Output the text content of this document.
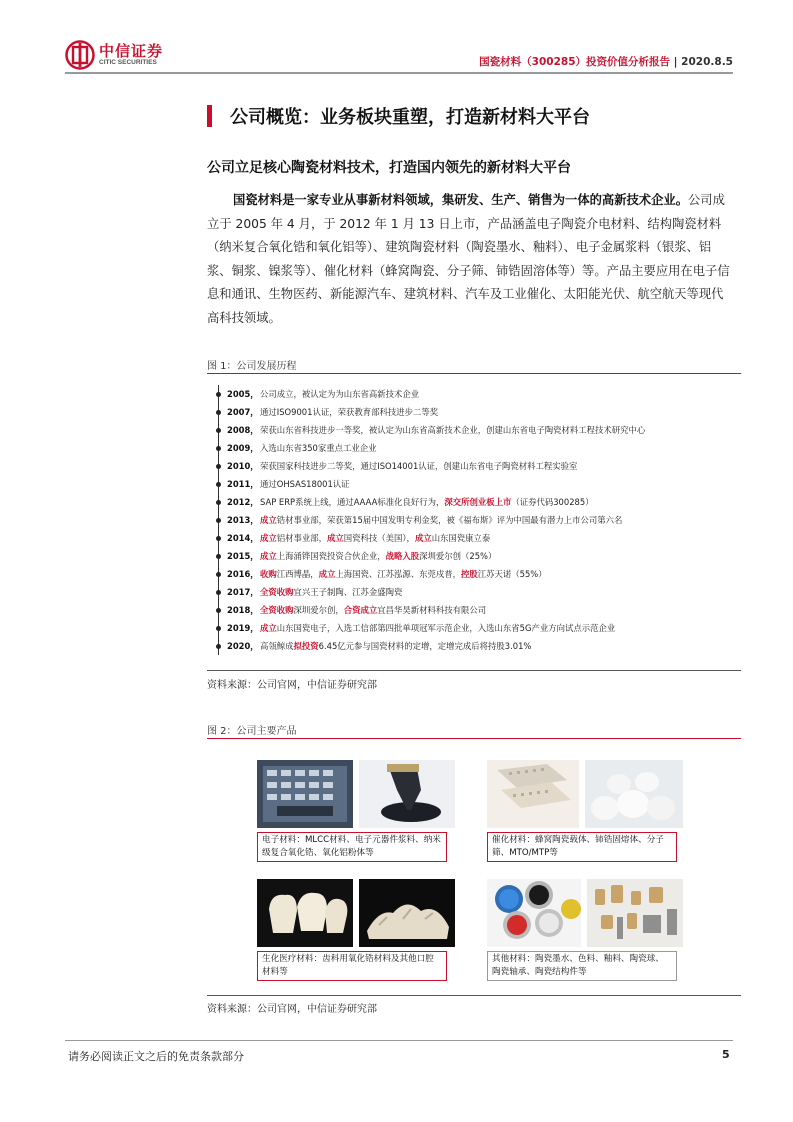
中信证券
CITIC SECURITIES	国瓷材料（300285）投资价值分析报告 | 2020.8.5
公司概览：业务板块重塑，打造新材料大平台
公司立足核心陶瓷材料技术，打造国内领先的新材料大平台
国瓷材料是一家专业从事新材料领域，集研发、生产、销售为一体的高新技术企业。公司成立于 2005 年 4 月，于 2012 年 1 月 13 日上市，产品涵盖电子陶瓷介电材料、结构陶瓷材料（纳米复合氧化锆和氧化铝等）、建筑陶瓷材料（陶瓷墨水、釉料）、电子金属浆料（银浆、铝浆、铜浆、镍浆等）、催化材料（蜂窝陶瓷、分子筛、铈锆固溶体等）等。产品主要应用在电子信息和通讯、生物医药、新能源汽车、建筑材料、汽车及工业催化、太阳能光伏、航空航天等现代高科技领域。
图 1：公司发展历程
2005， 公司成立，被认定为为山东省高新技术企业
2007， 通过ISO9001认证，荣获教育部科技进步二等奖
2008， 荣获山东省科技进步一等奖，被认定为山东省高新技术企业，创建山东省电子陶瓷材料工程技术研究中心
2009， 入选山东省350家重点工业企业
2010， 荣获国家科技进步二等奖，通过ISO14001认证，创建山东省电子陶瓷材料工程实验室
2011， 通过OHSAS18001认证
2012， SAP ERP系统上线，通过AAAA标准化良好行为，深交所创业板上市（证券代码300285）
2013， 成立锆材事业部，荣获第15届中国发明专利金奖，被《福布斯》评为中国最有潜力上市公司第六名
2014， 成立铝材事业部，成立国瓷科技（美国），成立山东国瓷康立泰
2015， 成立上海涌铧国瓷投资合伙企业，战略入股深圳爱尔创（25%）
2016， 收购江西博晶，成立上海国瓷、江苏泓源、东莞戍普，控股江苏天诺（55%）
2017， 全资收购宜兴王子制陶、江苏金盛陶瓷
2018， 全资收购深圳爱尔创，合资成立宜昌华昊新材料科技有限公司
2019， 成立山东国瓷电子，入选工信部第四批单项冠军示范企业，入选山东省5G产业方向试点示范企业
2020， 高瓴鲸成拟投资6.45亿元参与国瓷材料的定增，定增完成后将持股3.01%
资料来源：公司官网，中信证券研究部
图 2：公司主要产品
电子材料：MLCC材料、电子元器件浆料、纳米级复合氧化锆、氧化铝粉体等
催化材料：蜂窝陶瓷载体、铈锆固熔体、分子筛、MTO/MTP等
生化医疗材料：齿科用氧化锆材料及其他口腔材料等
其他材料：陶瓷墨水、色料、釉料、陶瓷球、陶瓷轴承、陶瓷结构件等
资料来源：公司官网，中信证券研究部
请务必阅读正文之后的免责条款部分	5
